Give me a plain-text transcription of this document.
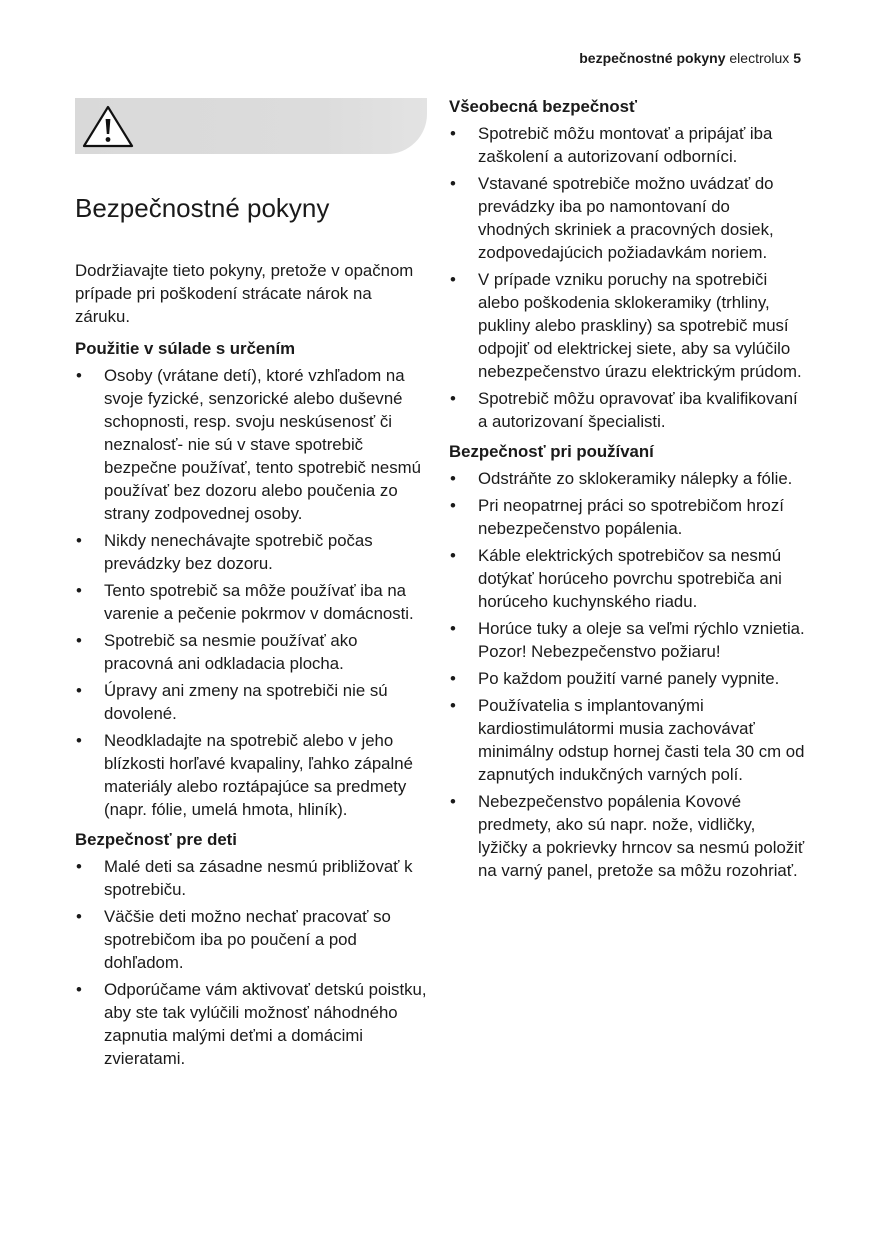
bezpečnostné pokyny electrolux 5
Bezpečnostné pokyny

Dodržiavajte tieto pokyny, pretože v opačnom prípade pri poškodení strácate nárok na záruku.

Použitie v súlade s určením
• Osoby (vrátane detí), ktoré vzhľadom na svoje fyzické, senzorické alebo duševné schopnosti, resp. svoju neskúsenosť či neznalosť- nie sú v stave spotrebič bezpečne používať, tento spotrebič nesmú používať bez dozoru alebo poučenia zo strany zodpovednej osoby.
• Nikdy nenechávajte spotrebič počas prevádzky bez dozoru.
• Tento spotrebič sa môže používať iba na varenie a pečenie pokrmov v domácnosti.
• Spotrebič sa nesmie používať ako pracovná ani odkladacia plocha.
• Úpravy ani zmeny na spotrebiči nie sú dovolené.
• Neodkladajte na spotrebič alebo v jeho blízkosti horľavé kvapaliny, ľahko zápalné materiály alebo roztápajúce sa predmety (napr. fólie, umelá hmota, hliník).
Bezpečnosť pre deti
• Malé deti sa zásadne nesmú približovať k spotrebiču.
• Väčšie deti možno nechať pracovať so spotrebičom iba po poučení a pod dohľadom.
• Odporúčame vám aktivovať detskú poistku, aby ste tak vylúčili možnosť náhodného zapnutia malými deťmi a domácimi zvieratami.
Všeobecná bezpečnosť
• Spotrebič môžu montovať a pripájať iba zaškolení a autorizovaní odborníci.
• Vstavané spotrebiče možno uvádzať do prevádzky iba po namontovaní do vhodných skriniek a pracovných dosiek, zodpovedajúcich požiadavkám noriem.
• V prípade vzniku poruchy na spotrebiči alebo poškodenia sklokeramiky (trhliny, pukliny alebo praskliny) sa spotrebič musí odpojiť od elektrickej siete, aby sa vylúčilo nebezpečenstvo úrazu elektrickým prúdom.
• Spotrebič môžu opravovať iba kvalifikovaní a autorizovaní špecialisti.
Bezpečnosť pri používaní
• Odstráňte zo sklokeramiky nálepky a fólie.
• Pri neopatrnej práci so spotrebičom hrozí nebezpečenstvo popálenia.
• Káble elektrických spotrebičov sa nesmú dotýkať horúceho povrchu spotrebiča ani horúceho kuchynského riadu.
• Horúce tuky a oleje sa veľmi rýchlo vznietia. Pozor! Nebezpečenstvo požiaru!
• Po každom použití varné panely vypnite.
• Používatelia s implantovanými kardiostimulátormi musia zachovávať minimálny odstup hornej časti tela 30 cm od zapnutých indukčných varných polí.
• Nebezpečenstvo popálenia Kovové predmety, ako sú napr. nože, vidličky, lyžičky a pokrievky hrncov sa nesmú položiť na varný panel, pretože sa môžu rozohriať.
